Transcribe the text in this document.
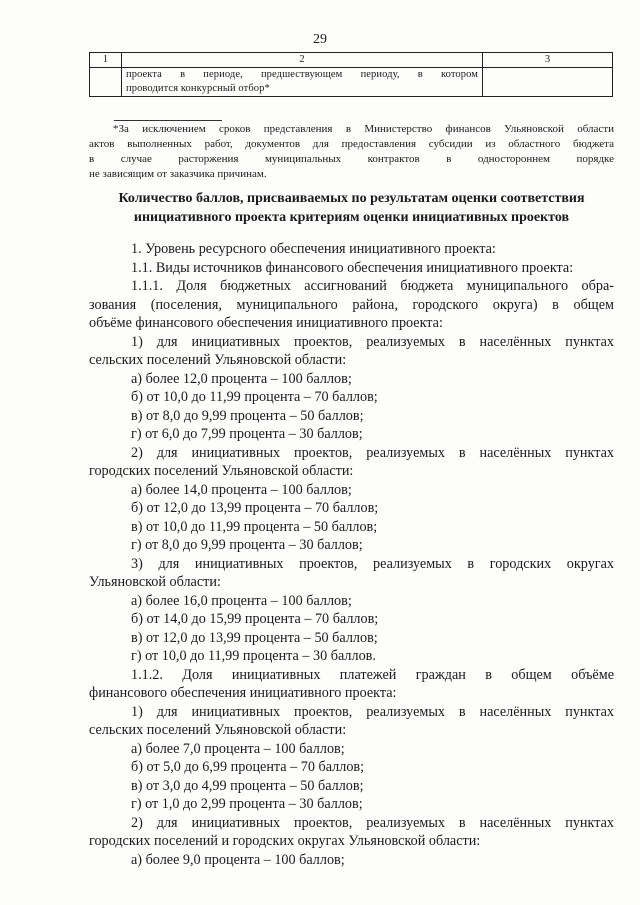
29
1	2	3

	проекта в периоде, предшествующем периоду, в котором
проводится конкурсный отбор*	

*За исключением сроков представления в Министерство финансов Ульяновской области

актов выполненных работ, документов для предоставления субсидии из областного бюджета

в случае расторжения муниципальных контрактов в одностороннем порядке

не зависящим от заказчика причинам.

Количество баллов, присваиваемых по результатам оценки соответствия
инициативного проекта критериям оценки инициативных проектов

1. Уровень ресурсного обеспечения инициативного проекта:

1.1. Виды источников финансового обеспечения инициативного проекта:

1.1.1. Доля бюджетных ассигнований бюджета муниципального обра-

зования (поселения, муниципального района, городского округа) в общем

объёме финансового обеспечения инициативного проекта:

1) для инициативных проектов, реализуемых в населённых пунктах

сельских поселений Ульяновской области:

а) более 12,0 процента – 100 баллов;

б) от 10,0 до 11,99 процента – 70 баллов;

в) от 8,0 до 9,99 процента – 50 баллов;

г) от 6,0 до 7,99 процента – 30 баллов;

2) для инициативных проектов, реализуемых в населённых пунктах

городских поселений Ульяновской области:

а) более 14,0 процента – 100 баллов;

б) от 12,0 до 13,99 процента – 70 баллов;

в) от 10,0 до 11,99 процента – 50 баллов;

г) от 8,0 до 9,99 процента – 30 баллов;

3) для инициативных проектов, реализуемых в городских округах

Ульяновской области:

а) более 16,0 процента – 100 баллов;

б) от 14,0 до 15,99 процента – 70 баллов;

в) от 12,0 до 13,99 процента – 50 баллов;

г) от 10,0 до 11,99 процента – 30 баллов.

1.1.2. Доля инициативных платежей граждан в общем объёме

финансового обеспечения инициативного проекта:

1) для инициативных проектов, реализуемых в населённых пунктах

сельских поселений Ульяновской области:

а) более 7,0 процента – 100 баллов;

б) от 5,0 до 6,99 процента – 70 баллов;

в) от 3,0 до 4,99 процента – 50 баллов;

г) от 1,0 до 2,99 процента – 30 баллов;

2) для инициативных проектов, реализуемых в населённых пунктах

городских поселений и городских округах Ульяновской области:

а) более 9,0 процента – 100 баллов;
